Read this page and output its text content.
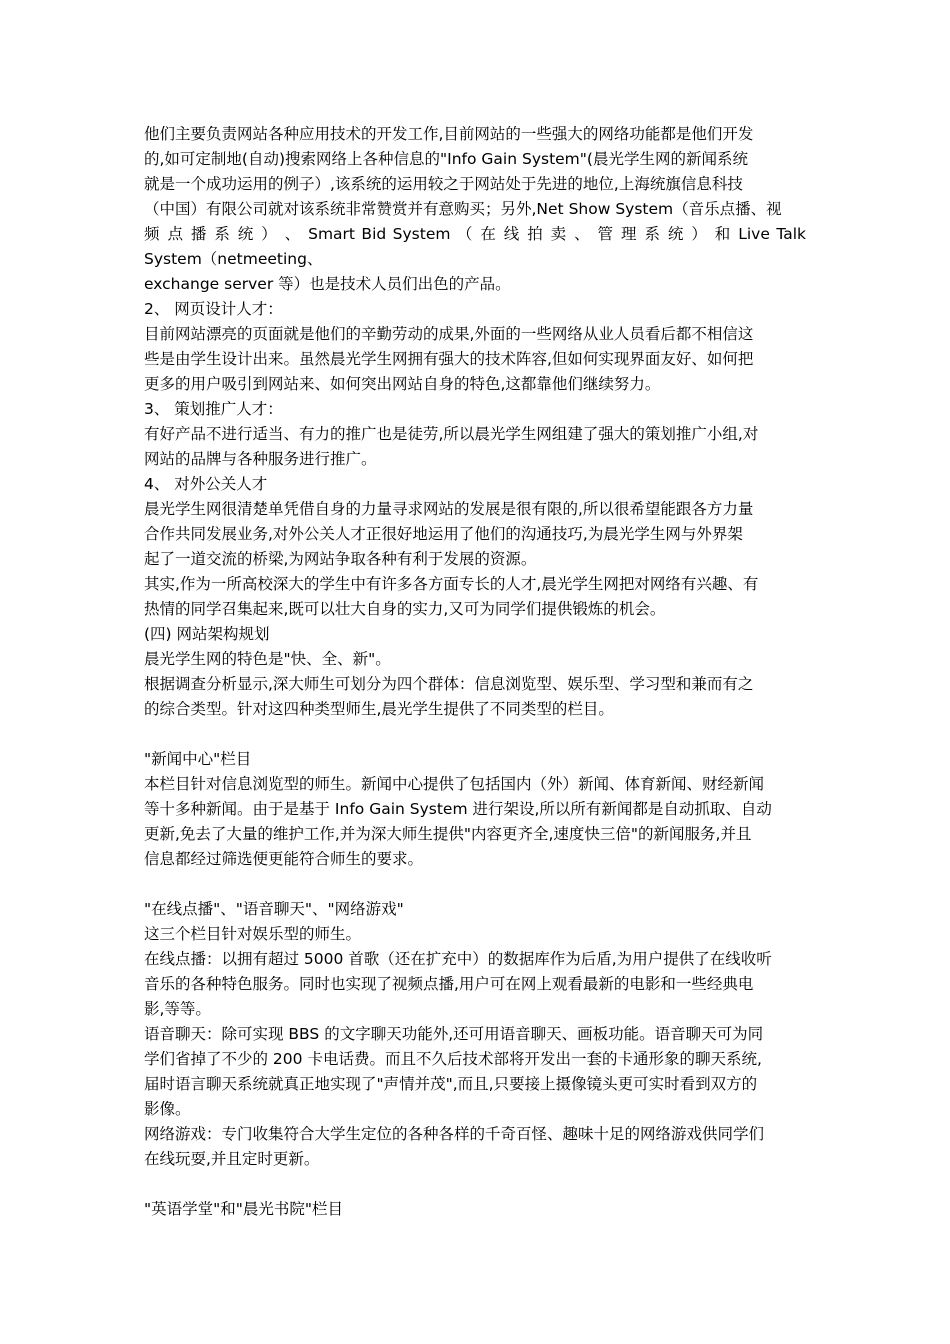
他们主要负责网站各种应用技术的开发工作,目前网站的一些强大的网络功能都是他们开发
的,如可定制地(自动)搜索网络上各种信息的"Info Gain System"(晨光学生网的新闻系统
就是一个成功运用的例子）,该系统的运用较之于网站处于先进的地位,上海统旗信息科技
（中国）有限公司就对该系统非常赞赏并有意购买；另外,Net Show System（音乐点播、视
频 点 播 系 统 ） 、 Smart Bid System （ 在 线 拍 卖 、 管 理 系 统 ） 和 Live Talk
System（netmeeting、
exchange server 等）也是技术人员们出色的产品。
2、 网页设计人才：
目前网站漂亮的页面就是他们的辛勤劳动的成果,外面的一些网络从业人员看后都不相信这
些是由学生设计出来。虽然晨光学生网拥有强大的技术阵容,但如何实现界面友好、如何把
更多的用户吸引到网站来、如何突出网站自身的特色,这都靠他们继续努力。
3、 策划推广人才：
有好产品不进行适当、有力的推广也是徒劳,所以晨光学生网组建了强大的策划推广小组,对
网站的品牌与各种服务进行推广。
4、 对外公关人才
晨光学生网很清楚单凭借自身的力量寻求网站的发展是很有限的,所以很希望能跟各方力量
合作共同发展业务,对外公关人才正很好地运用了他们的沟通技巧,为晨光学生网与外界架
起了一道交流的桥梁,为网站争取各种有利于发展的资源。
其实,作为一所高校深大的学生中有许多各方面专长的人才,晨光学生网把对网络有兴趣、有
热情的同学召集起来,既可以壮大自身的实力,又可为同学们提供锻炼的机会。
(四) 网站架构规划
晨光学生网的特色是"快、全、新"。
根据调查分析显示,深大师生可划分为四个群体：信息浏览型、娱乐型、学习型和兼而有之
的综合类型。针对这四种类型师生,晨光学生提供了不同类型的栏目。
"新闻中心"栏目
本栏目针对信息浏览型的师生。新闻中心提供了包括国内（外）新闻、体育新闻、财经新闻
等十多种新闻。由于是基于 Info Gain System 进行架设,所以所有新闻都是自动抓取、自动
更新,免去了大量的维护工作,并为深大师生提供"内容更齐全,速度快三倍"的新闻服务,并且
信息都经过筛选便更能符合师生的要求。
"在线点播"、"语音聊天"、"网络游戏"
这三个栏目针对娱乐型的师生。
在线点播：以拥有超过 5000 首歌（还在扩充中）的数据库作为后盾,为用户提供了在线收听
音乐的各种特色服务。同时也实现了视频点播,用户可在网上观看最新的电影和一些经典电
影,等等。
语音聊天：除可实现 BBS 的文字聊天功能外,还可用语音聊天、画板功能。语音聊天可为同
学们省掉了不少的 200 卡电话费。而且不久后技术部将开发出一套的卡通形象的聊天系统,
届时语言聊天系统就真正地实现了"声情并茂",而且,只要接上摄像镜头更可实时看到双方的
影像。
网络游戏：专门收集符合大学生定位的各种各样的千奇百怪、趣味十足的网络游戏供同学们
在线玩耍,并且定时更新。
"英语学堂"和"晨光书院"栏目
